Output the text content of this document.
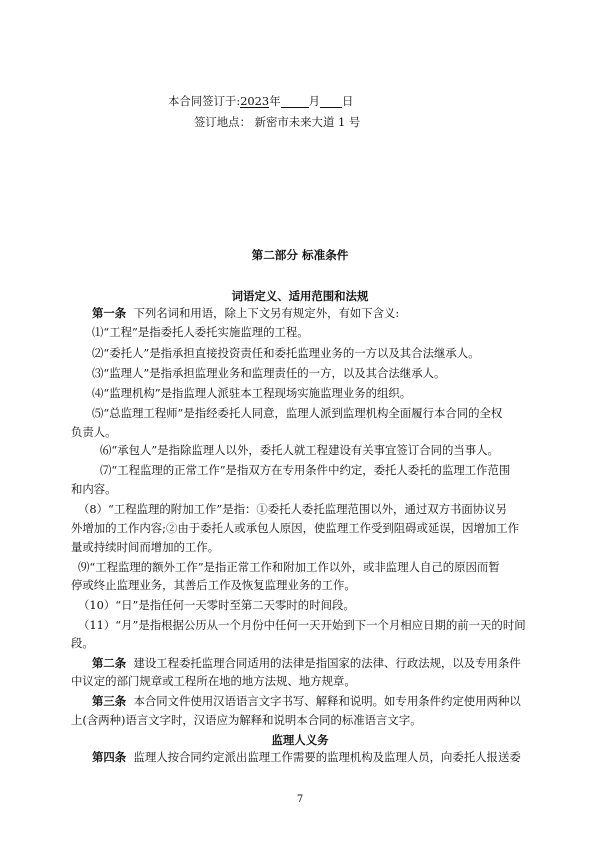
本合同签订于:2023年 月 日
签订地点： 新密市未来大道 1 号
第二部分 标准条件
词语定义、适用范围和法规
第一条 下列名词和用语，除上下文另有规定外，有如下含义:
⑴“工程”是指委托人委托实施监理的工程。
⑵“委托人”是指承担直接投资责任和委托监理业务的一方以及其合法继承人。
⑶“监理人”是指承担监理业务和监理责任的一方，以及其合法继承人。
⑷“监理机构”是指监理人派驻本工程现场实施监理业务的组织。
⑸“总监理工程师”是指经委托人同意，监理人派到监理机构全面履行本合同的全权
负责人。
⑹“承包人”是指除监理人以外，委托人就工程建设有关事宜签订合同的当事人。
⑺“工程监理的正常工作”是指双方在专用条件中约定，委托人委托的监理工作范围
和内容。
（8）“工程监理的附加工作”是指：①委托人委托监理范围以外，通过双方书面协议另
外增加的工作内容;②由于委托人或承包人原因，使监理工作受到阻碍或延误，因增加工作
量或持续时间而增加的工作。
⑼“工程监理的额外工作”是指正常工作和附加工作以外，或非监理人自己的原因而暂
停或终止监理业务，其善后工作及恢复监理业务的工作。
（10）“日”是指任何一天零时至第二天零时的时间段。
（11）“月”是指根据公历从一个月份中任何一天开始到下一个月相应日期的前一天的时间
段。
第二条 建设工程委托监理合同适用的法律是指国家的法律、行政法规，以及专用条件
中议定的部门规章或工程所在地的地方法规、地方规章。
第三条 本合同文件使用汉语语言文字书写、解释和说明。如专用条件约定使用两种以
上(含两种)语言文字时，汉语应为解释和说明本合同的标准语言文字。
监理人义务
第四条 监理人按合同约定派出监理工作需要的监理机构及监理人员，向委托人报送委
7
